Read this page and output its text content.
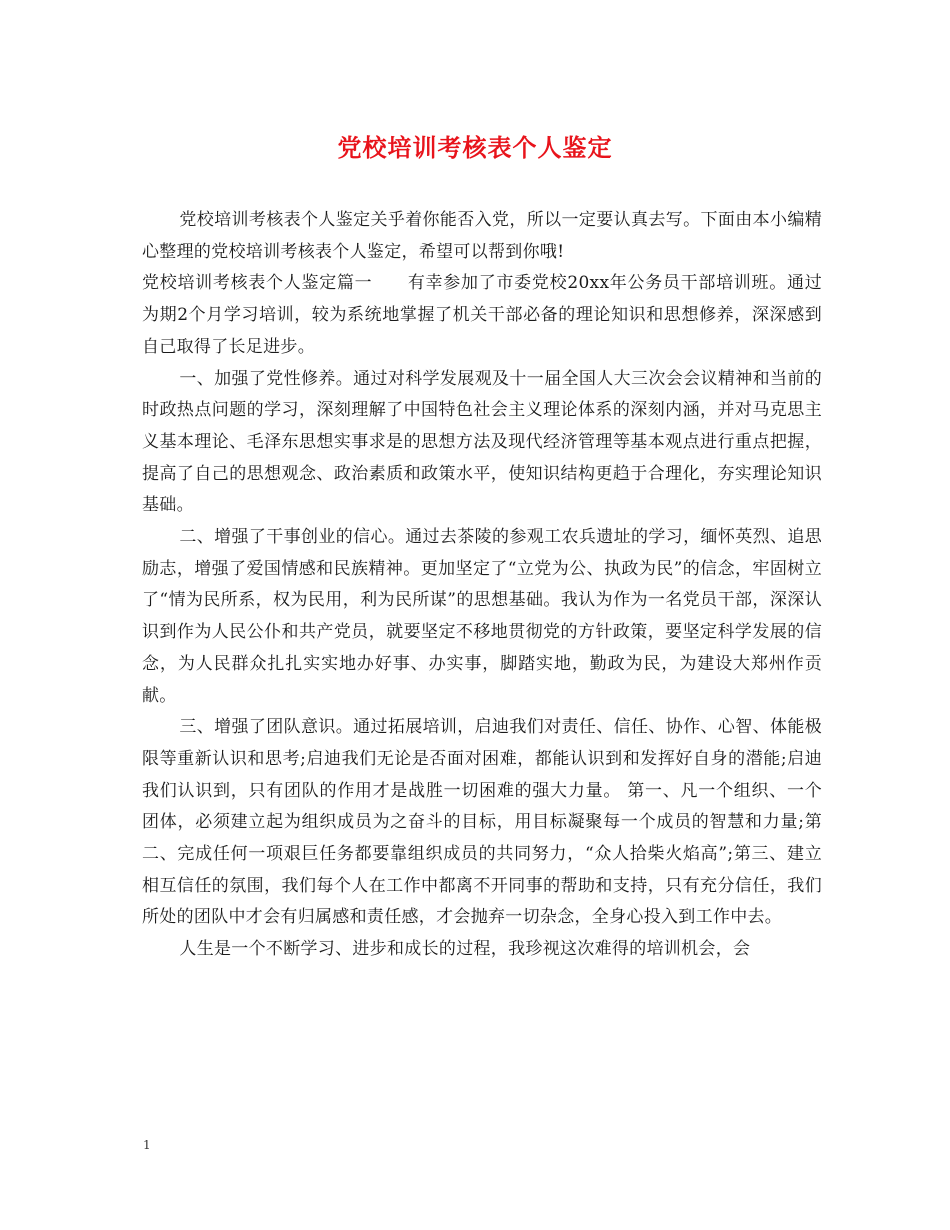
党校培训考核表个人鉴定

党校培训考核表个人鉴定关乎着你能否入党，所以一定要认真去写。下面由本小编精心整理的党校培训考核表个人鉴定，希望可以帮到你哦!

党校培训考核表个人鉴定篇一　　有幸参加了市委党校20xx年公务员干部培训班。通过为期2个月学习培训，较为系统地掌握了机关干部必备的理论知识和思想修养，深深感到自己取得了长足进步。

一、加强了党性修养。通过对科学发展观及十一届全国人大三次会会议精神和当前的时政热点问题的学习，深刻理解了中国特色社会主义理论体系的深刻内涵，并对马克思主义基本理论、毛泽东思想实事求是的思想方法及现代经济管理等基本观点进行重点把握，提高了自己的思想观念、政治素质和政策水平，使知识结构更趋于合理化，夯实理论知识基础。

二、增强了干事创业的信心。通过去茶陵的参观工农兵遗址的学习，缅怀英烈、追思励志，增强了爱国情感和民族精神。更加坚定了“立党为公、执政为民”的信念，牢固树立了“情为民所系，权为民用，利为民所谋”的思想基础。我认为作为一名党员干部，深深认识到作为人民公仆和共产党员，就要坚定不移地贯彻党的方针政策，要坚定科学发展的信念，为人民群众扎扎实实地办好事、办实事，脚踏实地，勤政为民，为建设大郑州作贡献。

三、增强了团队意识。通过拓展培训，启迪我们对责任、信任、协作、心智、体能极限等重新认识和思考;启迪我们无论是否面对困难，都能认识到和发挥好自身的潜能;启迪我们认识到，只有团队的作用才是战胜一切困难的强大力量。 第一、凡一个组织、一个团体，必须建立起为组织成员为之奋斗的目标，用目标凝聚每一个成员的智慧和力量;第二、完成任何一项艰巨任务都要靠组织成员的共同努力，“众人拾柴火焰高”;第三、建立相互信任的氛围，我们每个人在工作中都离不开同事的帮助和支持，只有充分信任，我们所处的团队中才会有归属感和责任感，才会抛弃一切杂念，全身心投入到工作中去。

人生是一个不断学习、进步和成长的过程，我珍视这次难得的培训机会，会

1
